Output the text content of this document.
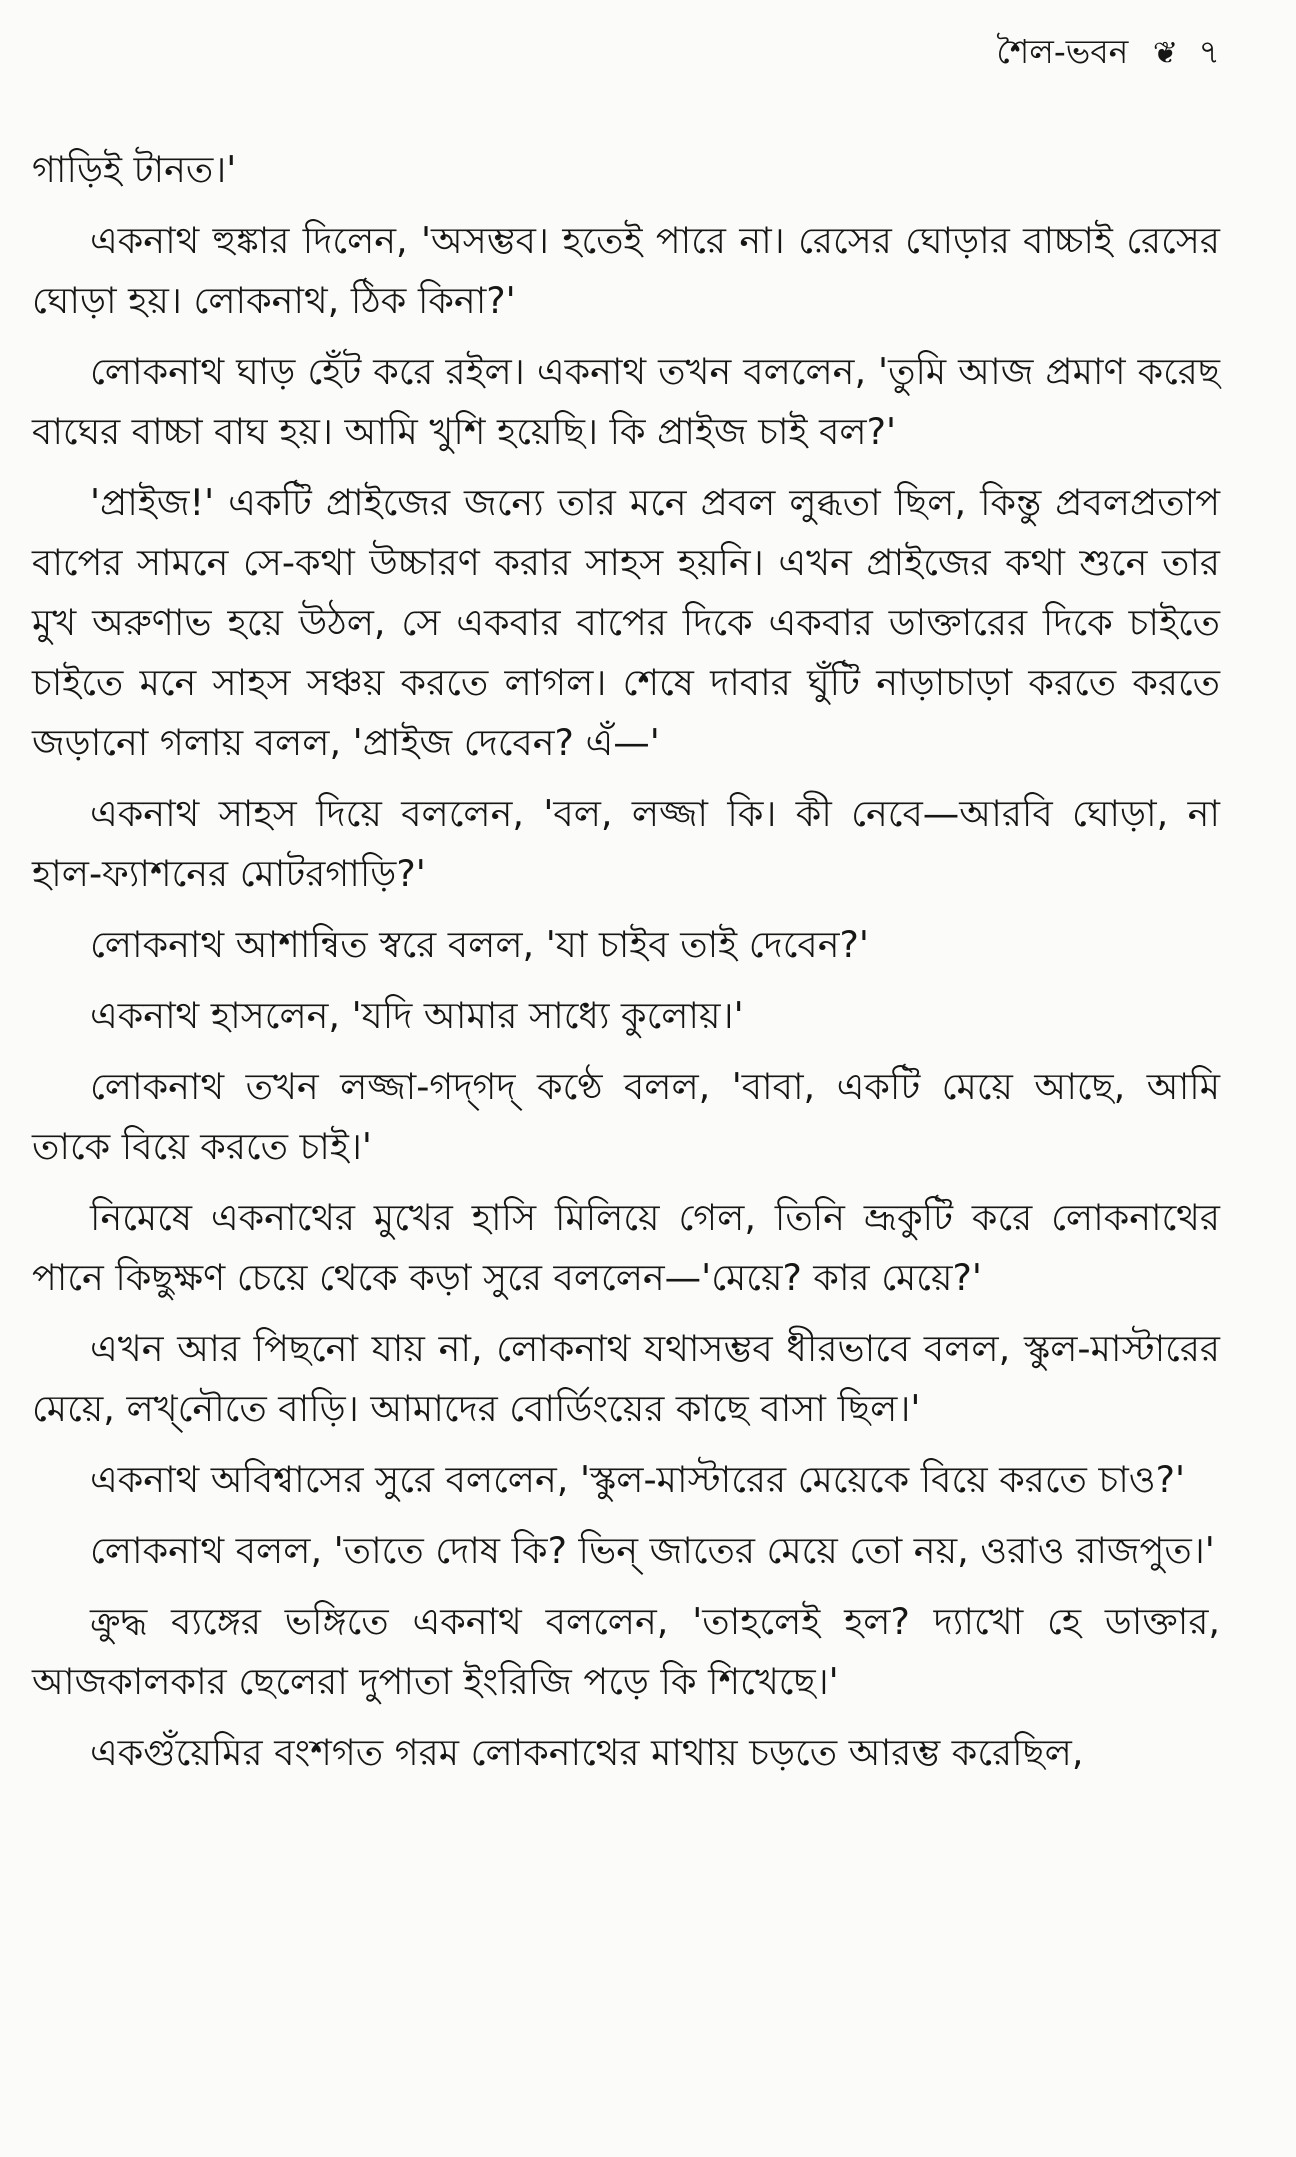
শৈল-ভবন ❦ ৭

গাড়িই টানত।'

একনাথ হুঙ্কার দিলেন, 'অসম্ভব। হতেই পারে না। রেসের ঘোড়ার বাচ্চাই রেসের ঘোড়া হয়। লোকনাথ, ঠিক কিনা?'

লোকনাথ ঘাড় হেঁট করে রইল। একনাথ তখন বললেন, 'তুমি আজ প্রমাণ করেছ বাঘের বাচ্চা বাঘ হয়। আমি খুশি হয়েছি। কি প্রাইজ চাই বল?'

'প্রাইজ!' একটি প্রাইজের জন্যে তার মনে প্রবল লুব্ধতা ছিল, কিন্তু প্রবলপ্রতাপ বাপের সামনে সে-কথা উচ্চারণ করার সাহস হয়নি। এখন প্রাইজের কথা শুনে তার মুখ অরুণাভ হয়ে উঠল, সে একবার বাপের দিকে একবার ডাক্তারের দিকে চাইতে চাইতে মনে সাহস সঞ্চয় করতে লাগল। শেষে দাবার ঘুঁটি নাড়াচাড়া করতে করতে জড়ানো গলায় বলল, 'প্রাইজ দেবেন? এঁ—'

একনাথ সাহস দিয়ে বললেন, 'বল, লজ্জা কি। কী নেবে—আরবি ঘোড়া, না হাল-ফ্যাশনের মোটরগাড়ি?'

লোকনাথ আশান্বিত স্বরে বলল, 'যা চাইব তাই দেবেন?'

একনাথ হাসলেন, 'যদি আমার সাধ্যে কুলোয়।'

লোকনাথ তখন লজ্জা-গদ্‌গদ্ কণ্ঠে বলল, 'বাবা, একটি মেয়ে আছে, আমি তাকে বিয়ে করতে চাই।'

নিমেষে একনাথের মুখের হাসি মিলিয়ে গেল, তিনি ভ্রূকুটি করে লোকনাথের পানে কিছুক্ষণ চেয়ে থেকে কড়া সুরে বললেন—'মেয়ে? কার মেয়ে?'

এখন আর পিছনো যায় না, লোকনাথ যথাসম্ভব ধীরভাবে বলল, স্কুল-মাস্টারের মেয়ে, লখ্‌নৌতে বাড়ি। আমাদের বোর্ডিংয়ের কাছে বাসা ছিল।'

একনাথ অবিশ্বাসের সুরে বললেন, 'স্কুল-মাস্টারের মেয়েকে বিয়ে করতে চাও?'

লোকনাথ বলল, 'তাতে দোষ কি? ভিন্ জাতের মেয়ে তো নয়, ওরাও রাজপুত।'

ক্রুদ্ধ ব্যঙ্গের ভঙ্গিতে একনাথ বললেন, 'তাহলেই হল? দ্যাখো হে ডাক্তার, আজকালকার ছেলেরা দুপাতা ইংরিজি পড়ে কি শিখেছে।'

একগুঁয়েমির বংশগত গরম লোকনাথের মাথায় চড়তে আরম্ভ করেছিল,
